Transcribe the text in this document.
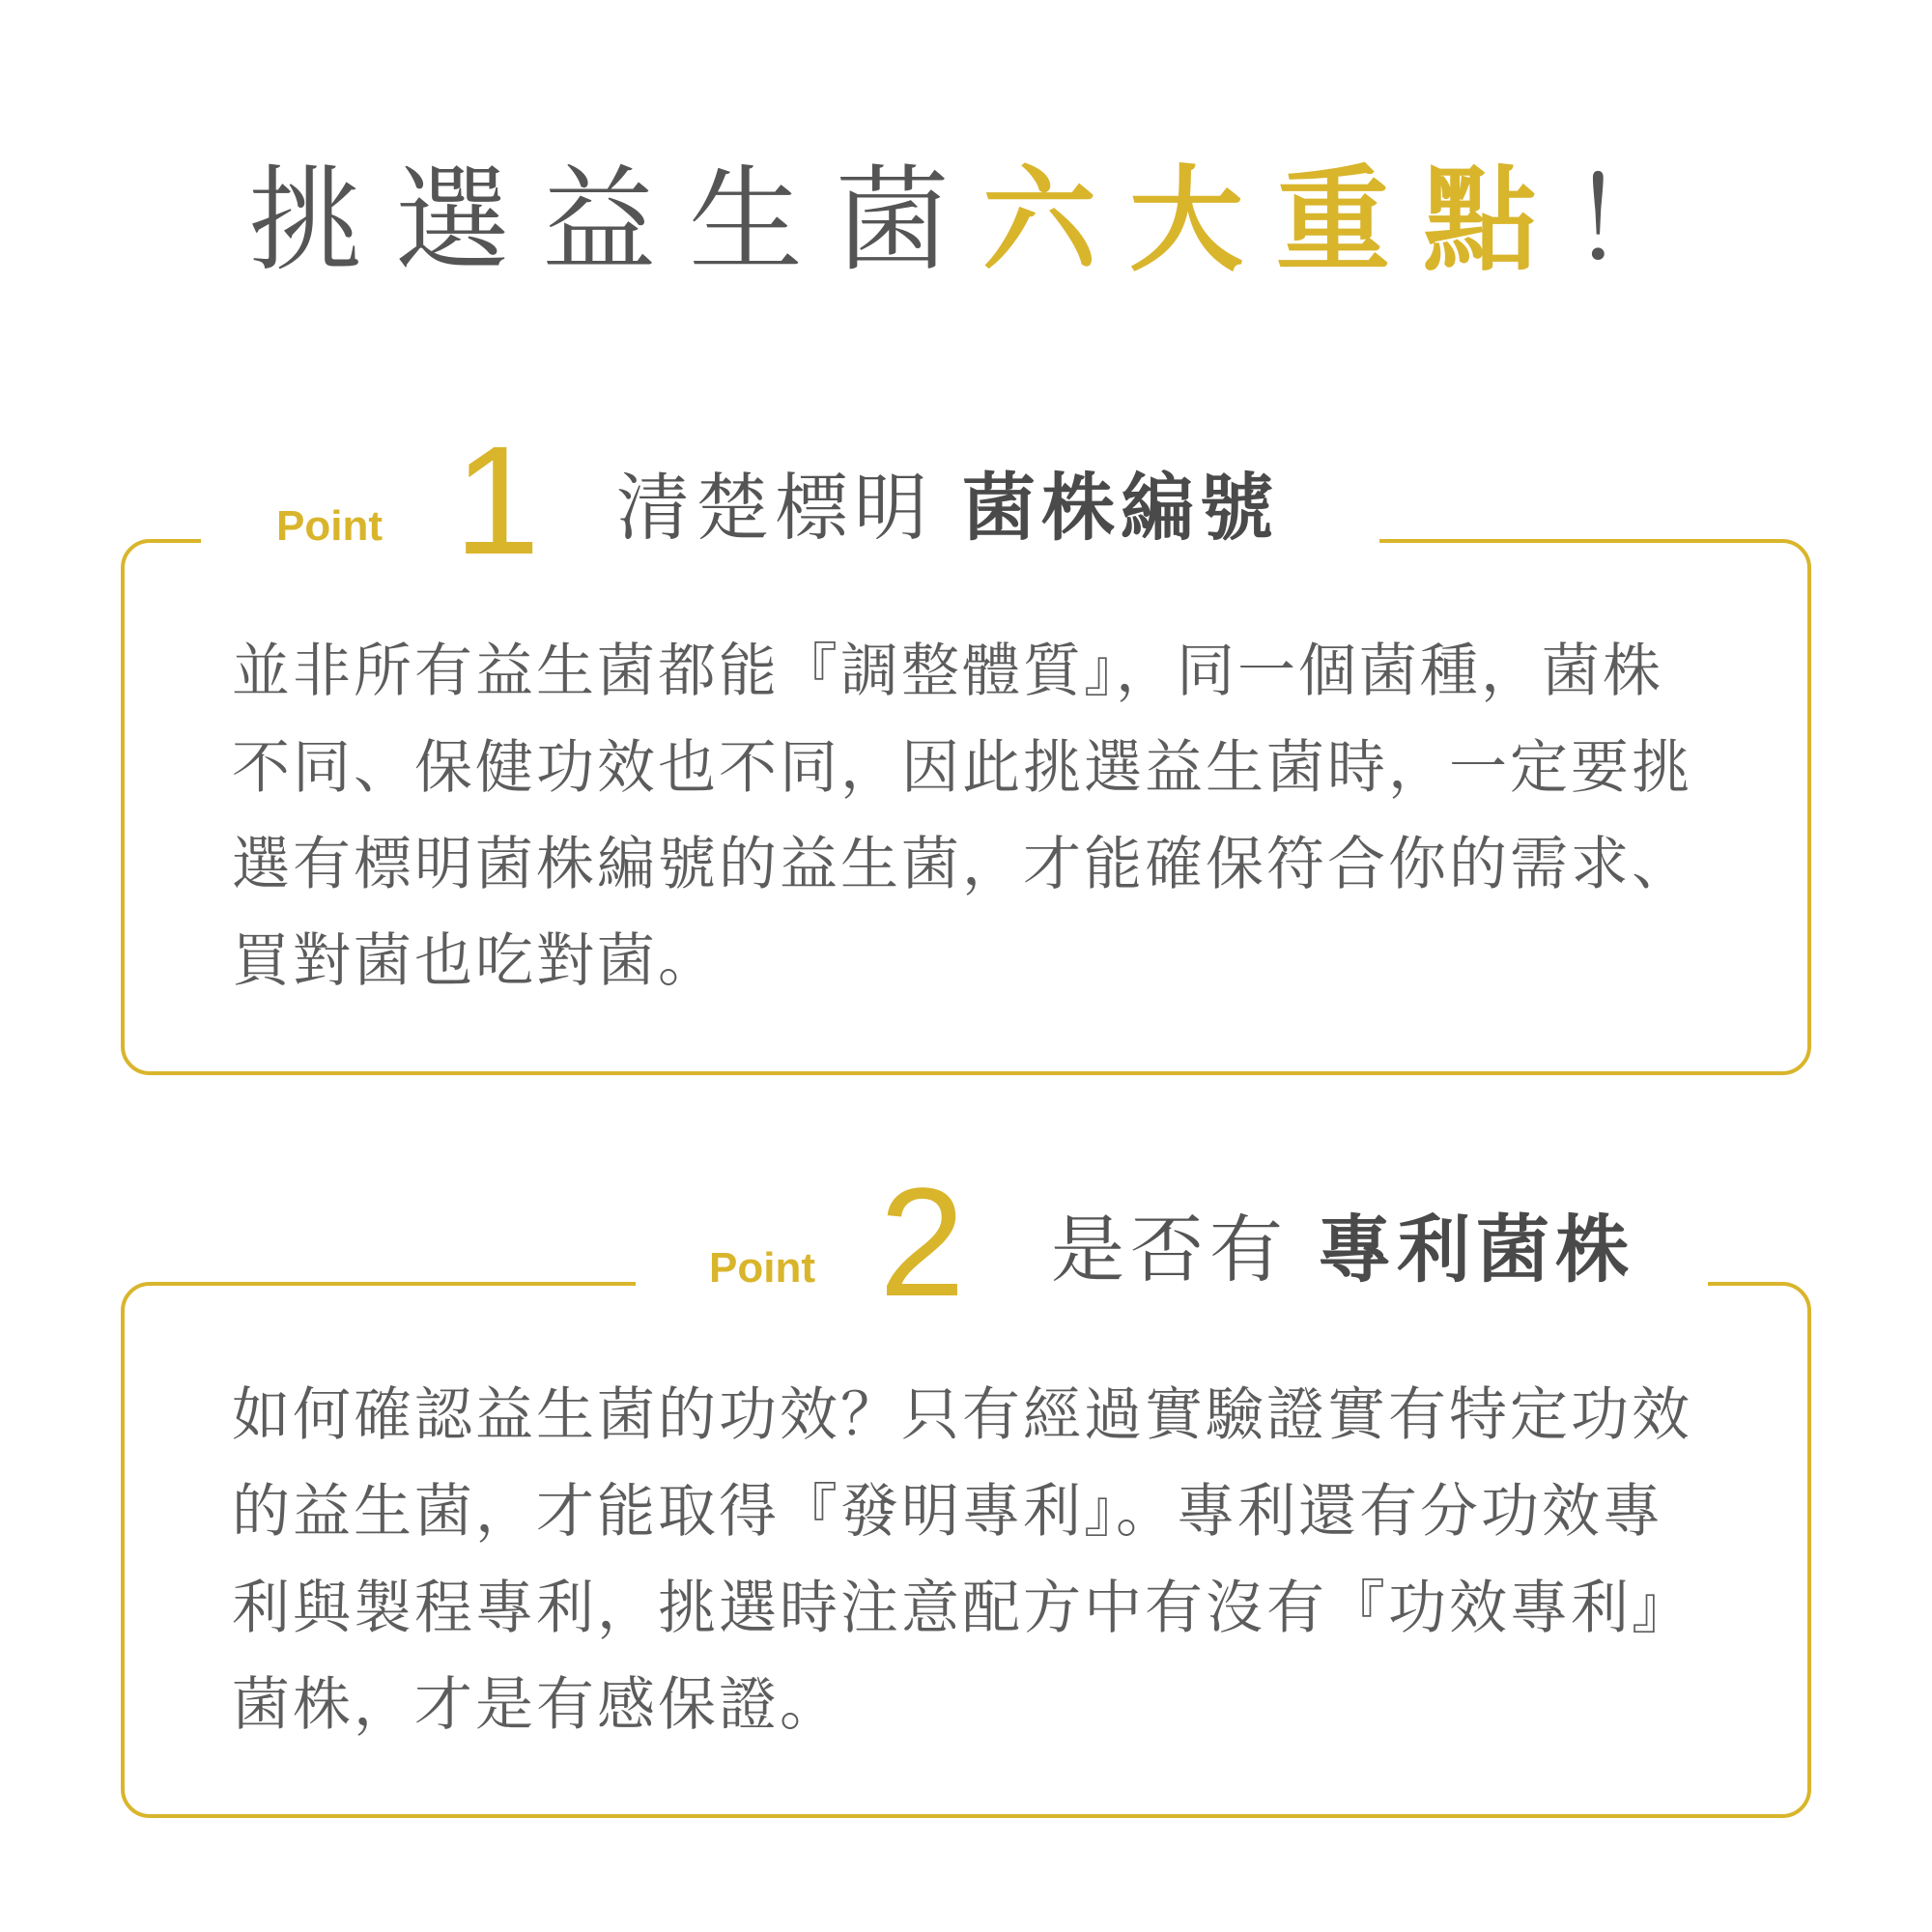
挑選益生菌六大重點！
Point 1 清楚標明 菌株編號
並非所有益生菌都能『調整體質』，同一個菌種，菌株
不同、保健功效也不同，因此挑選益生菌時，一定要挑
選有標明菌株編號的益生菌，才能確保符合你的需求、
買對菌也吃對菌。
Point 2 是否有 專利菌株
如何確認益生菌的功效？只有經過實驗證實有特定功效
的益生菌，才能取得『發明專利』。專利還有分功效專
利與製程專利，挑選時注意配方中有沒有『功效專利』
菌株，才是有感保證。
